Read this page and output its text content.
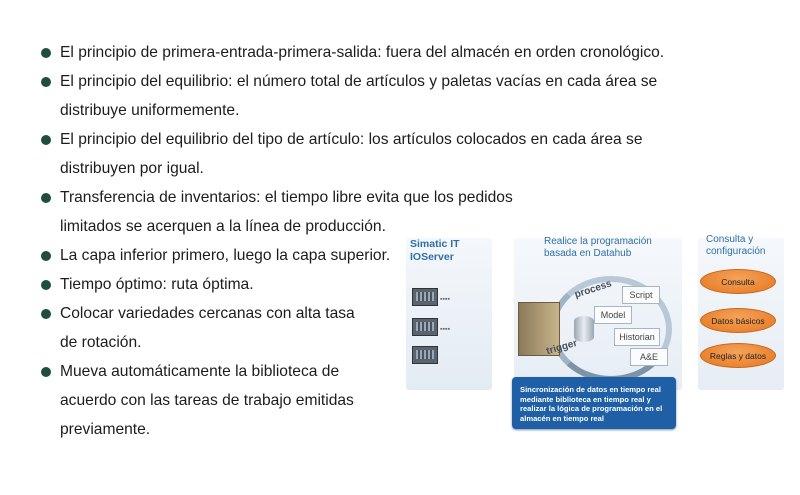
El principio de primera-entrada-primera-salida: fuera del almacén en orden cronológico.
El principio del equilibrio: el número total de artículos y paletas vacías en cada área se
distribuye uniformemente.
El principio del equilibrio del tipo de artículo: los artículos colocados en cada área se
distribuyen por igual.
Transferencia de inventarios: el tiempo libre evita que los pedidos
limitados se acerquen a la línea de producción.
La capa inferior primero, luego la capa superior.
Tiempo óptimo: ruta óptima.
Colocar variedades cercanas con alta tasa
de rotación.
Mueva automáticamente la biblioteca de
acuerdo con las tareas de trabajo emitidas
previamente.
Simatic IT
IOServer
▪▪▪▪
▪▪▪▪
Realice la programación
basada en Datahub
process
trigger
Script
Model
Historian
A&E
Consulta y
configuración
Consulta
Datos básicos
Reglas y datos
Sincronización de datos en tiempo real mediante biblioteca en tiempo real y realizar la lógica de programación en el almacén en tiempo real
